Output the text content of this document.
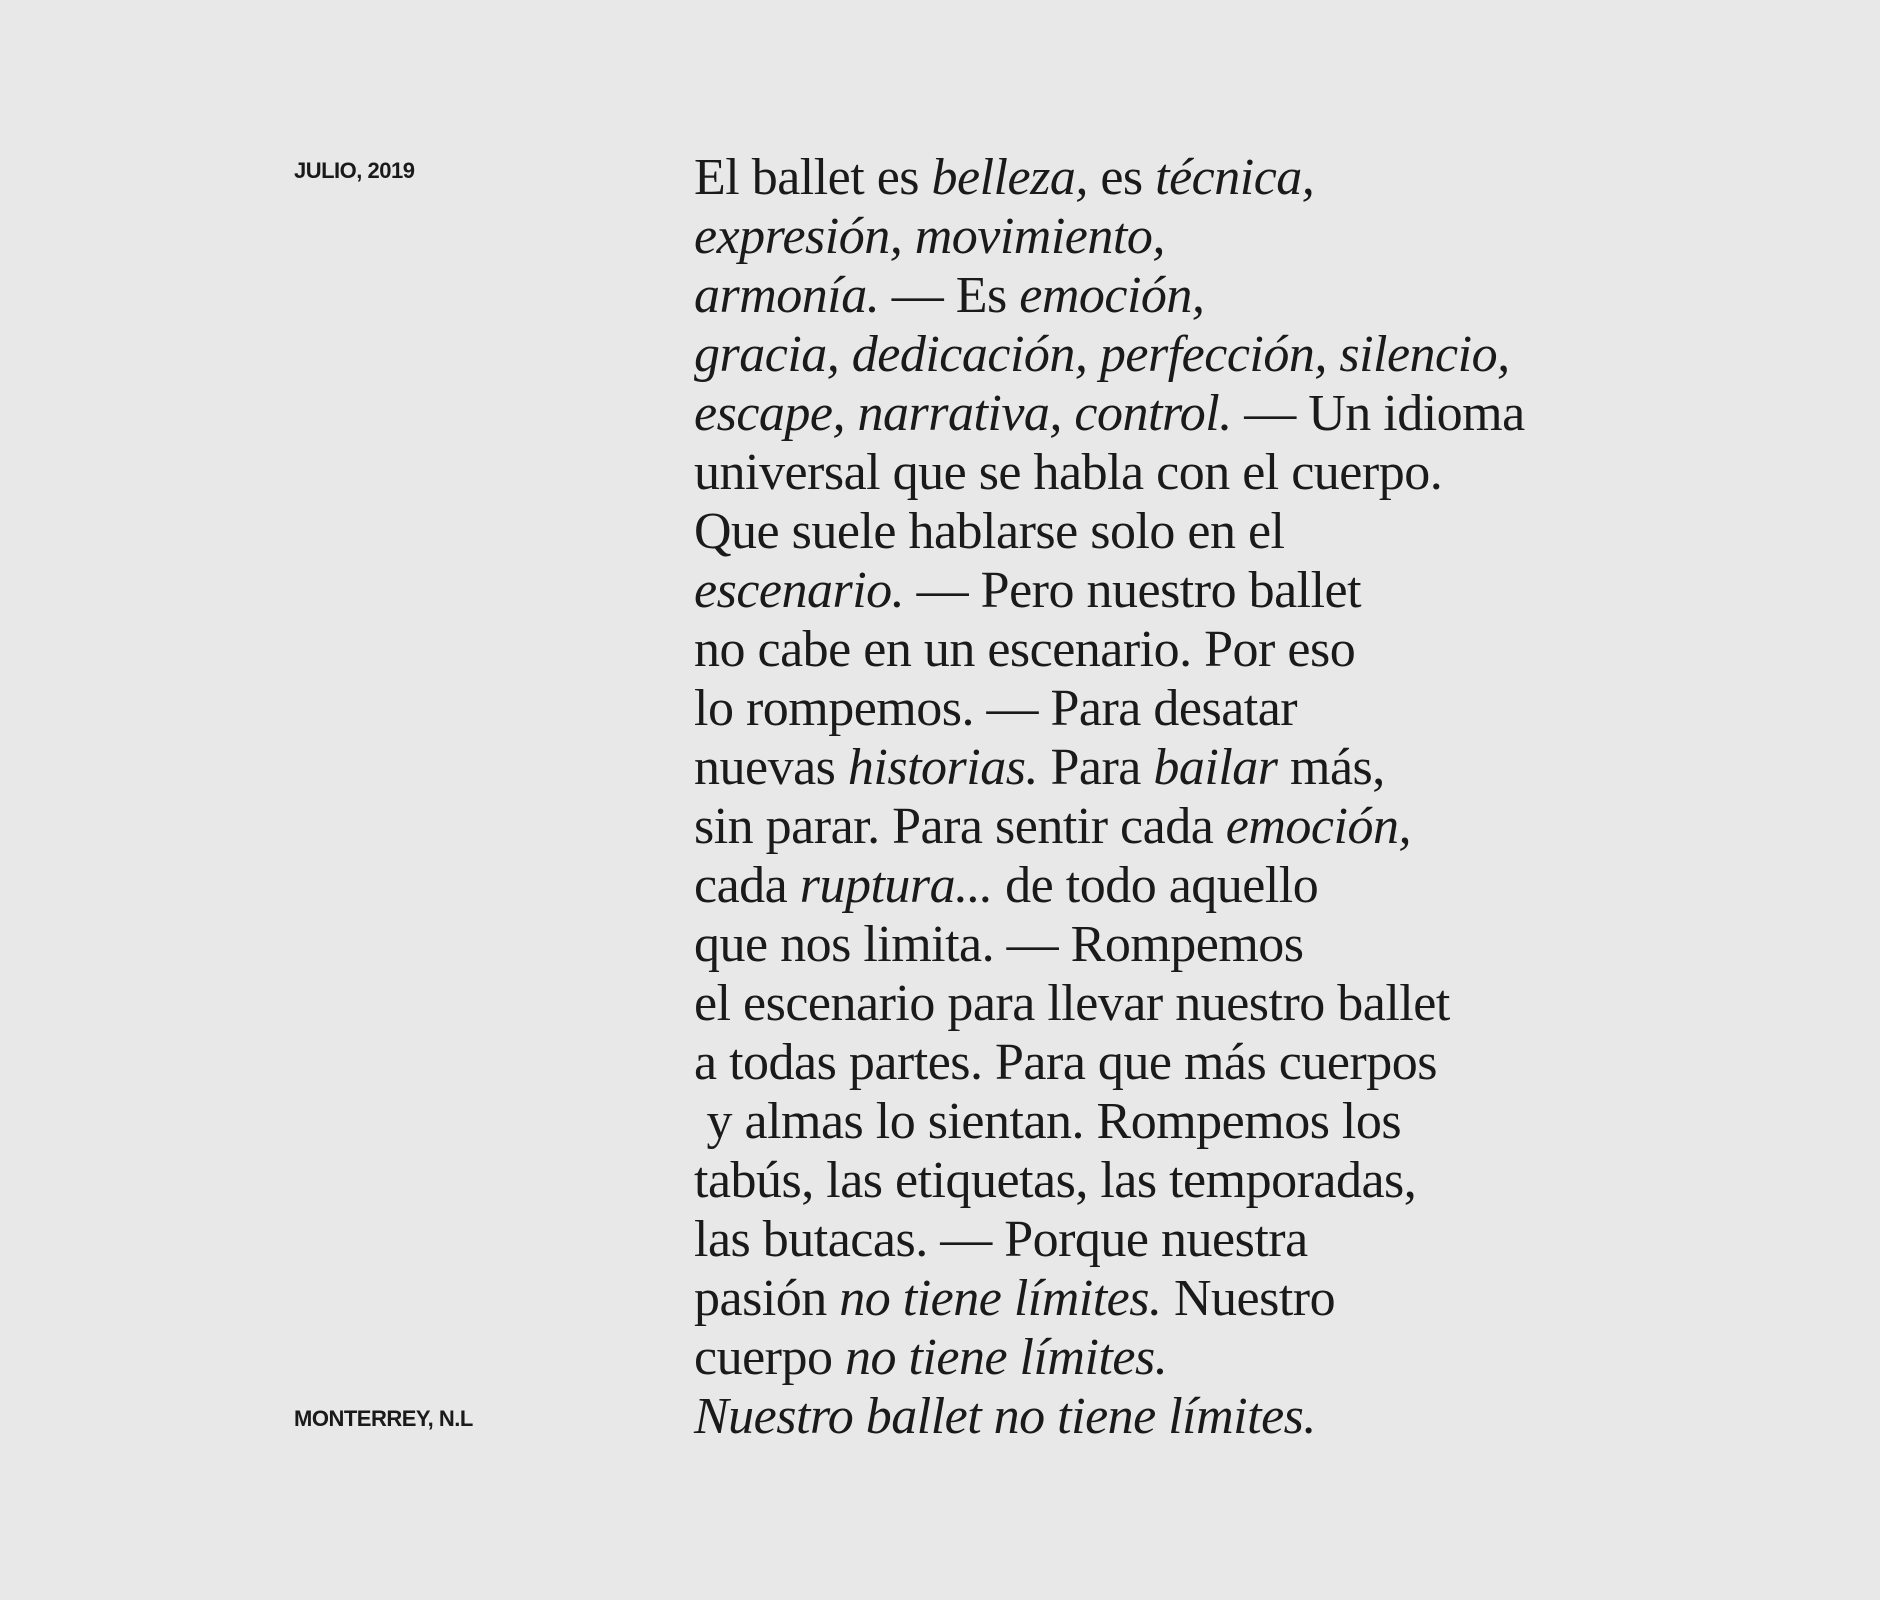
JULIO, 2019	El ballet es belleza, es técnica,
expresión, movimiento,
armonía. — Es emoción,
gracia, dedicación, perfección, silencio,
escape, narrativa, control. — Un idioma
universal que se habla con el cuerpo.
Que suele hablarse solo en el
escenario. — Pero nuestro ballet
no cabe en un escenario. Por eso
lo rompemos. — Para desatar
nuevas historias. Para bailar más,
sin parar. Para sentir cada emoción,
cada ruptura... de todo aquello
que nos limita. — Rompemos
el escenario para llevar nuestro ballet
a todas partes. Para que más cuerpos
y almas lo sientan. Rompemos los
tabús, las etiquetas, las temporadas,
las butacas. — Porque nuestra
pasión no tiene límites. Nuestro
cuerpo no tiene límites.
Nuestro ballet no tiene límites.
MONTERREY, N.L
